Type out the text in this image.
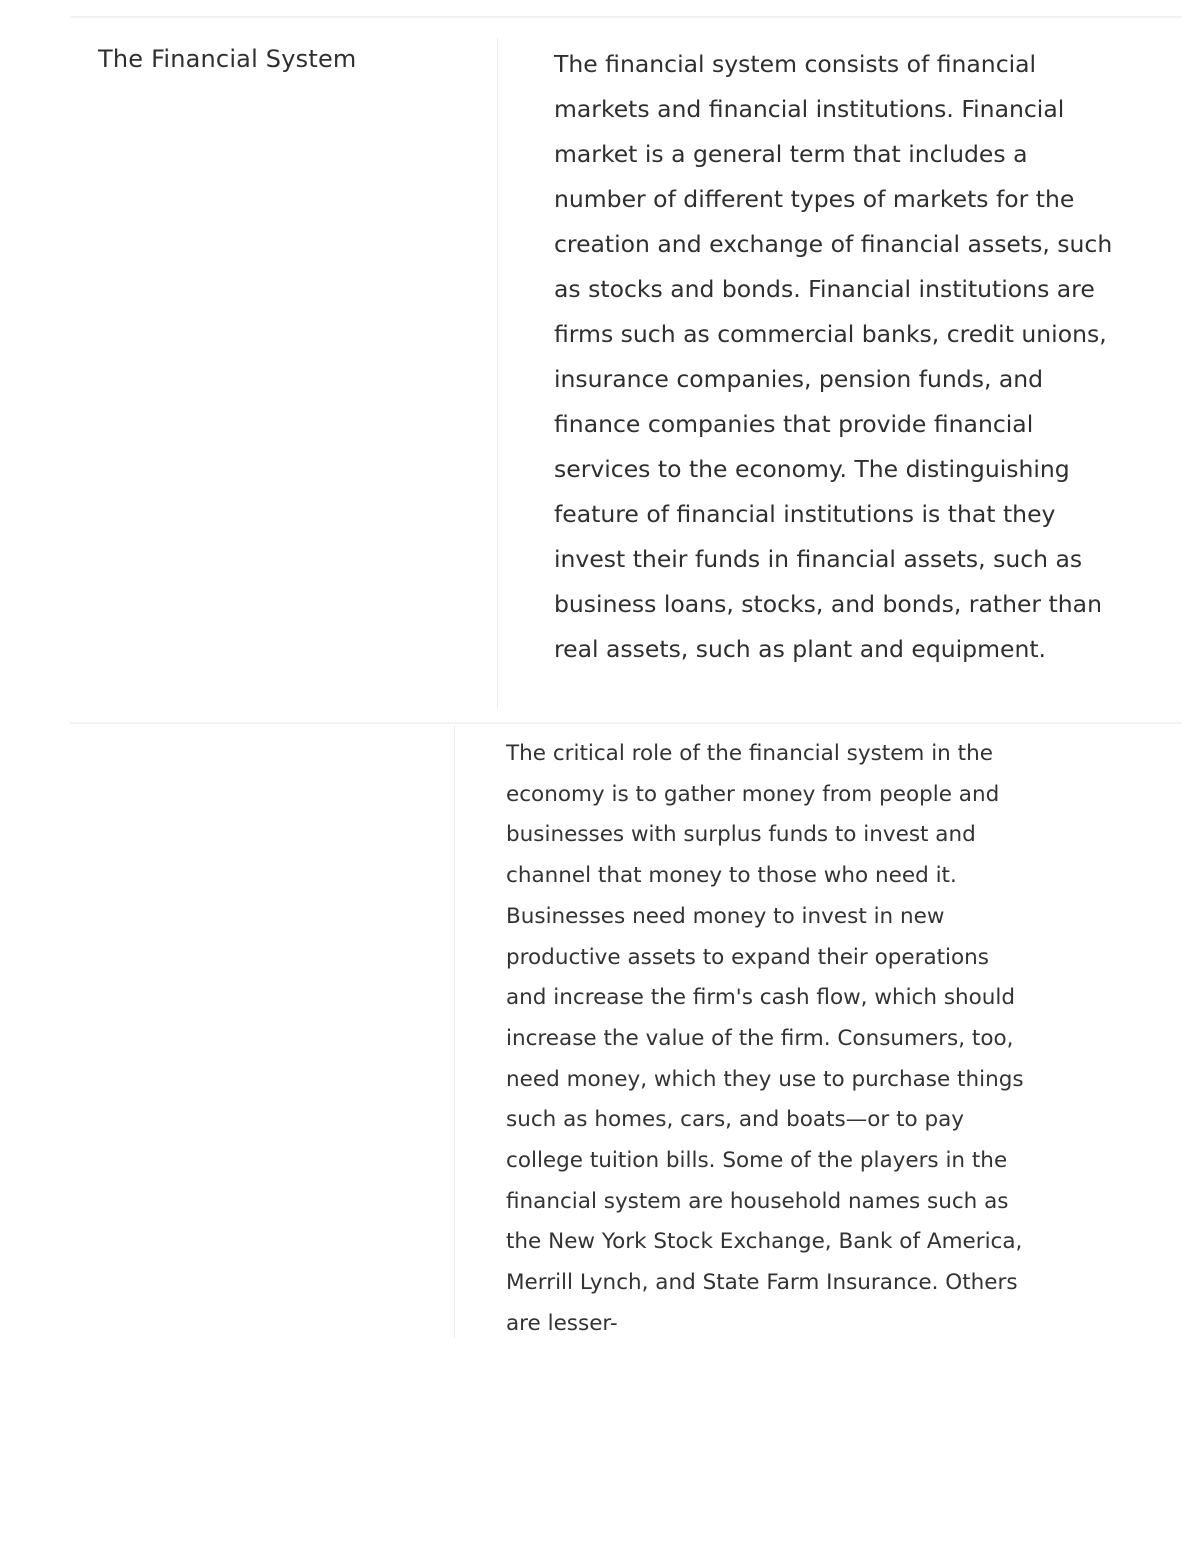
The Financial System	The financial system consists of financial markets and financial institutions. Financial market is a general term that includes a number of different types of markets for the creation and exchange of financial assets, such as stocks and bonds. Financial institutions are firms such as commercial banks, credit unions, insurance companies, pension funds, and finance companies that provide financial services to the economy. The distinguishing feature of financial institutions is that they invest their funds in financial assets, such as business loans, stocks, and bonds, rather than real assets, such as plant and equipment.

The critical role of the financial system in the economy is to gather money from people and businesses with surplus funds to invest and channel that money to those who need it. Businesses need money to invest in new productive assets to expand their operations and increase the firm's cash flow, which should increase the value of the firm. Consumers, too, need money, which they use to purchase things such as homes, cars, and boats—or to pay college tuition bills. Some of the players in the financial system are household names such as the New York Stock Exchange, Bank of America, Merrill Lynch, and State Farm Insurance. Others are lesser-
